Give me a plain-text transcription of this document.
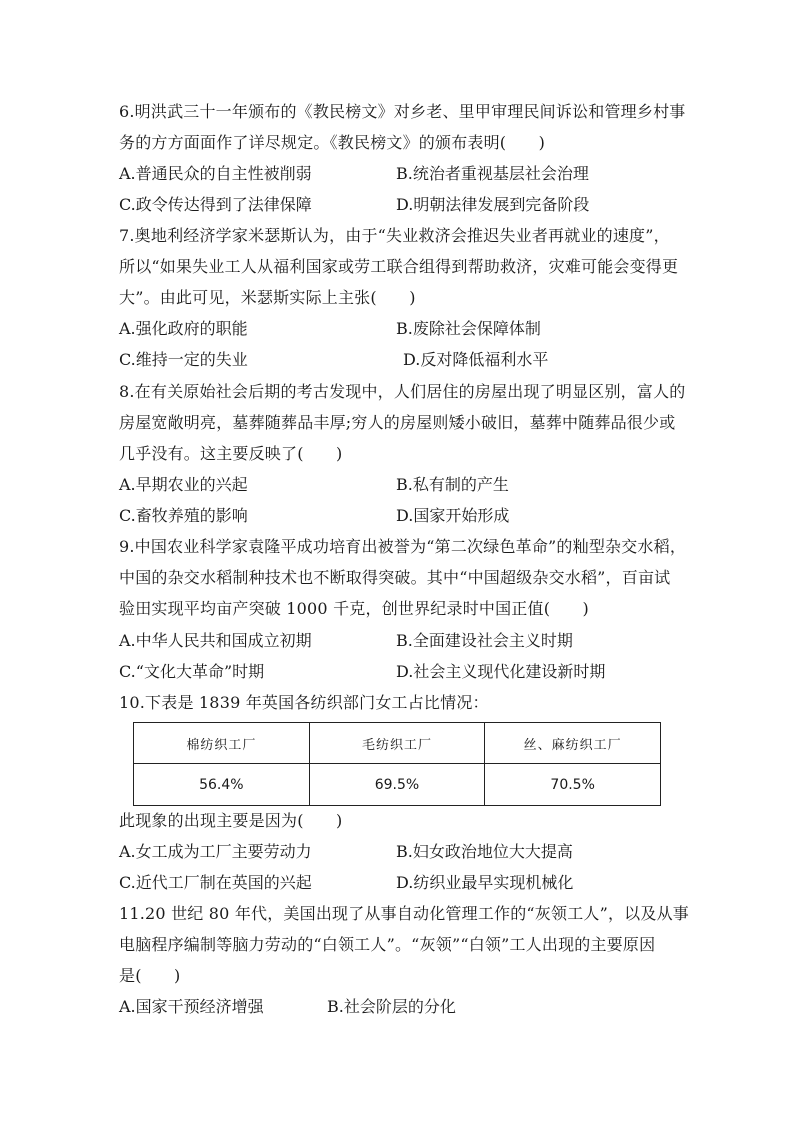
6.明洪武三十一年颁布的《教民榜文》对乡老、里甲审理民间诉讼和管理乡村事
务的方方面面作了详尽规定。《教民榜文》的颁布表明(　　)
A.普通民众的自主性被削弱	B.统治者重视基层社会治理
C.政令传达得到了法律保障	D.明朝法律发展到完备阶段
7.奥地利经济学家米瑟斯认为，由于“失业救济会推迟失业者再就业的速度”，
所以“如果失业工人从福利国家或劳工联合组得到帮助救济，灾难可能会变得更
大”。由此可见，米瑟斯实际上主张(　　)
A.强化政府的职能	B.废除社会保障体制
C.维持一定的失业	D.反对降低福利水平
8.在有关原始社会后期的考古发现中，人们居住的房屋出现了明显区别，富人的
房屋宽敞明亮，墓葬随葬品丰厚;穷人的房屋则矮小破旧，墓葬中随葬品很少或
几乎没有。这主要反映了(　　)
A.早期农业的兴起	B.私有制的产生
C.畜牧养殖的影响	D.国家开始形成
9.中国农业科学家袁隆平成功培育出被誉为“第二次绿色革命”的籼型杂交水稻，
中国的杂交水稻制种技术也不断取得突破。其中“中国超级杂交水稻”，百亩试
验田实现平均亩产突破 1000 千克，创世界纪录时中国正值(　　)
A.中华人民共和国成立初期	B.全面建设社会主义时期
C.“文化大革命”时期	D.社会主义现代化建设新时期
10.下表是 1839 年英国各纺织部门女工占比情况：
棉纺织工厂	毛纺织工厂	丝、麻纺织工厂
56.4%	69.5%	70.5%
此现象的出现主要是因为(　　)
A.女工成为工厂主要劳动力	B.妇女政治地位大大提高
C.近代工厂制在英国的兴起	D.纺织业最早实现机械化
11.20 世纪 80 年代，美国出现了从事自动化管理工作的“灰领工人”，以及从事
电脑程序编制等脑力劳动的“白领工人”。“灰领”“白领”工人出现的主要原因
是(　　)
A.国家干预经济增强	B.社会阶层的分化
